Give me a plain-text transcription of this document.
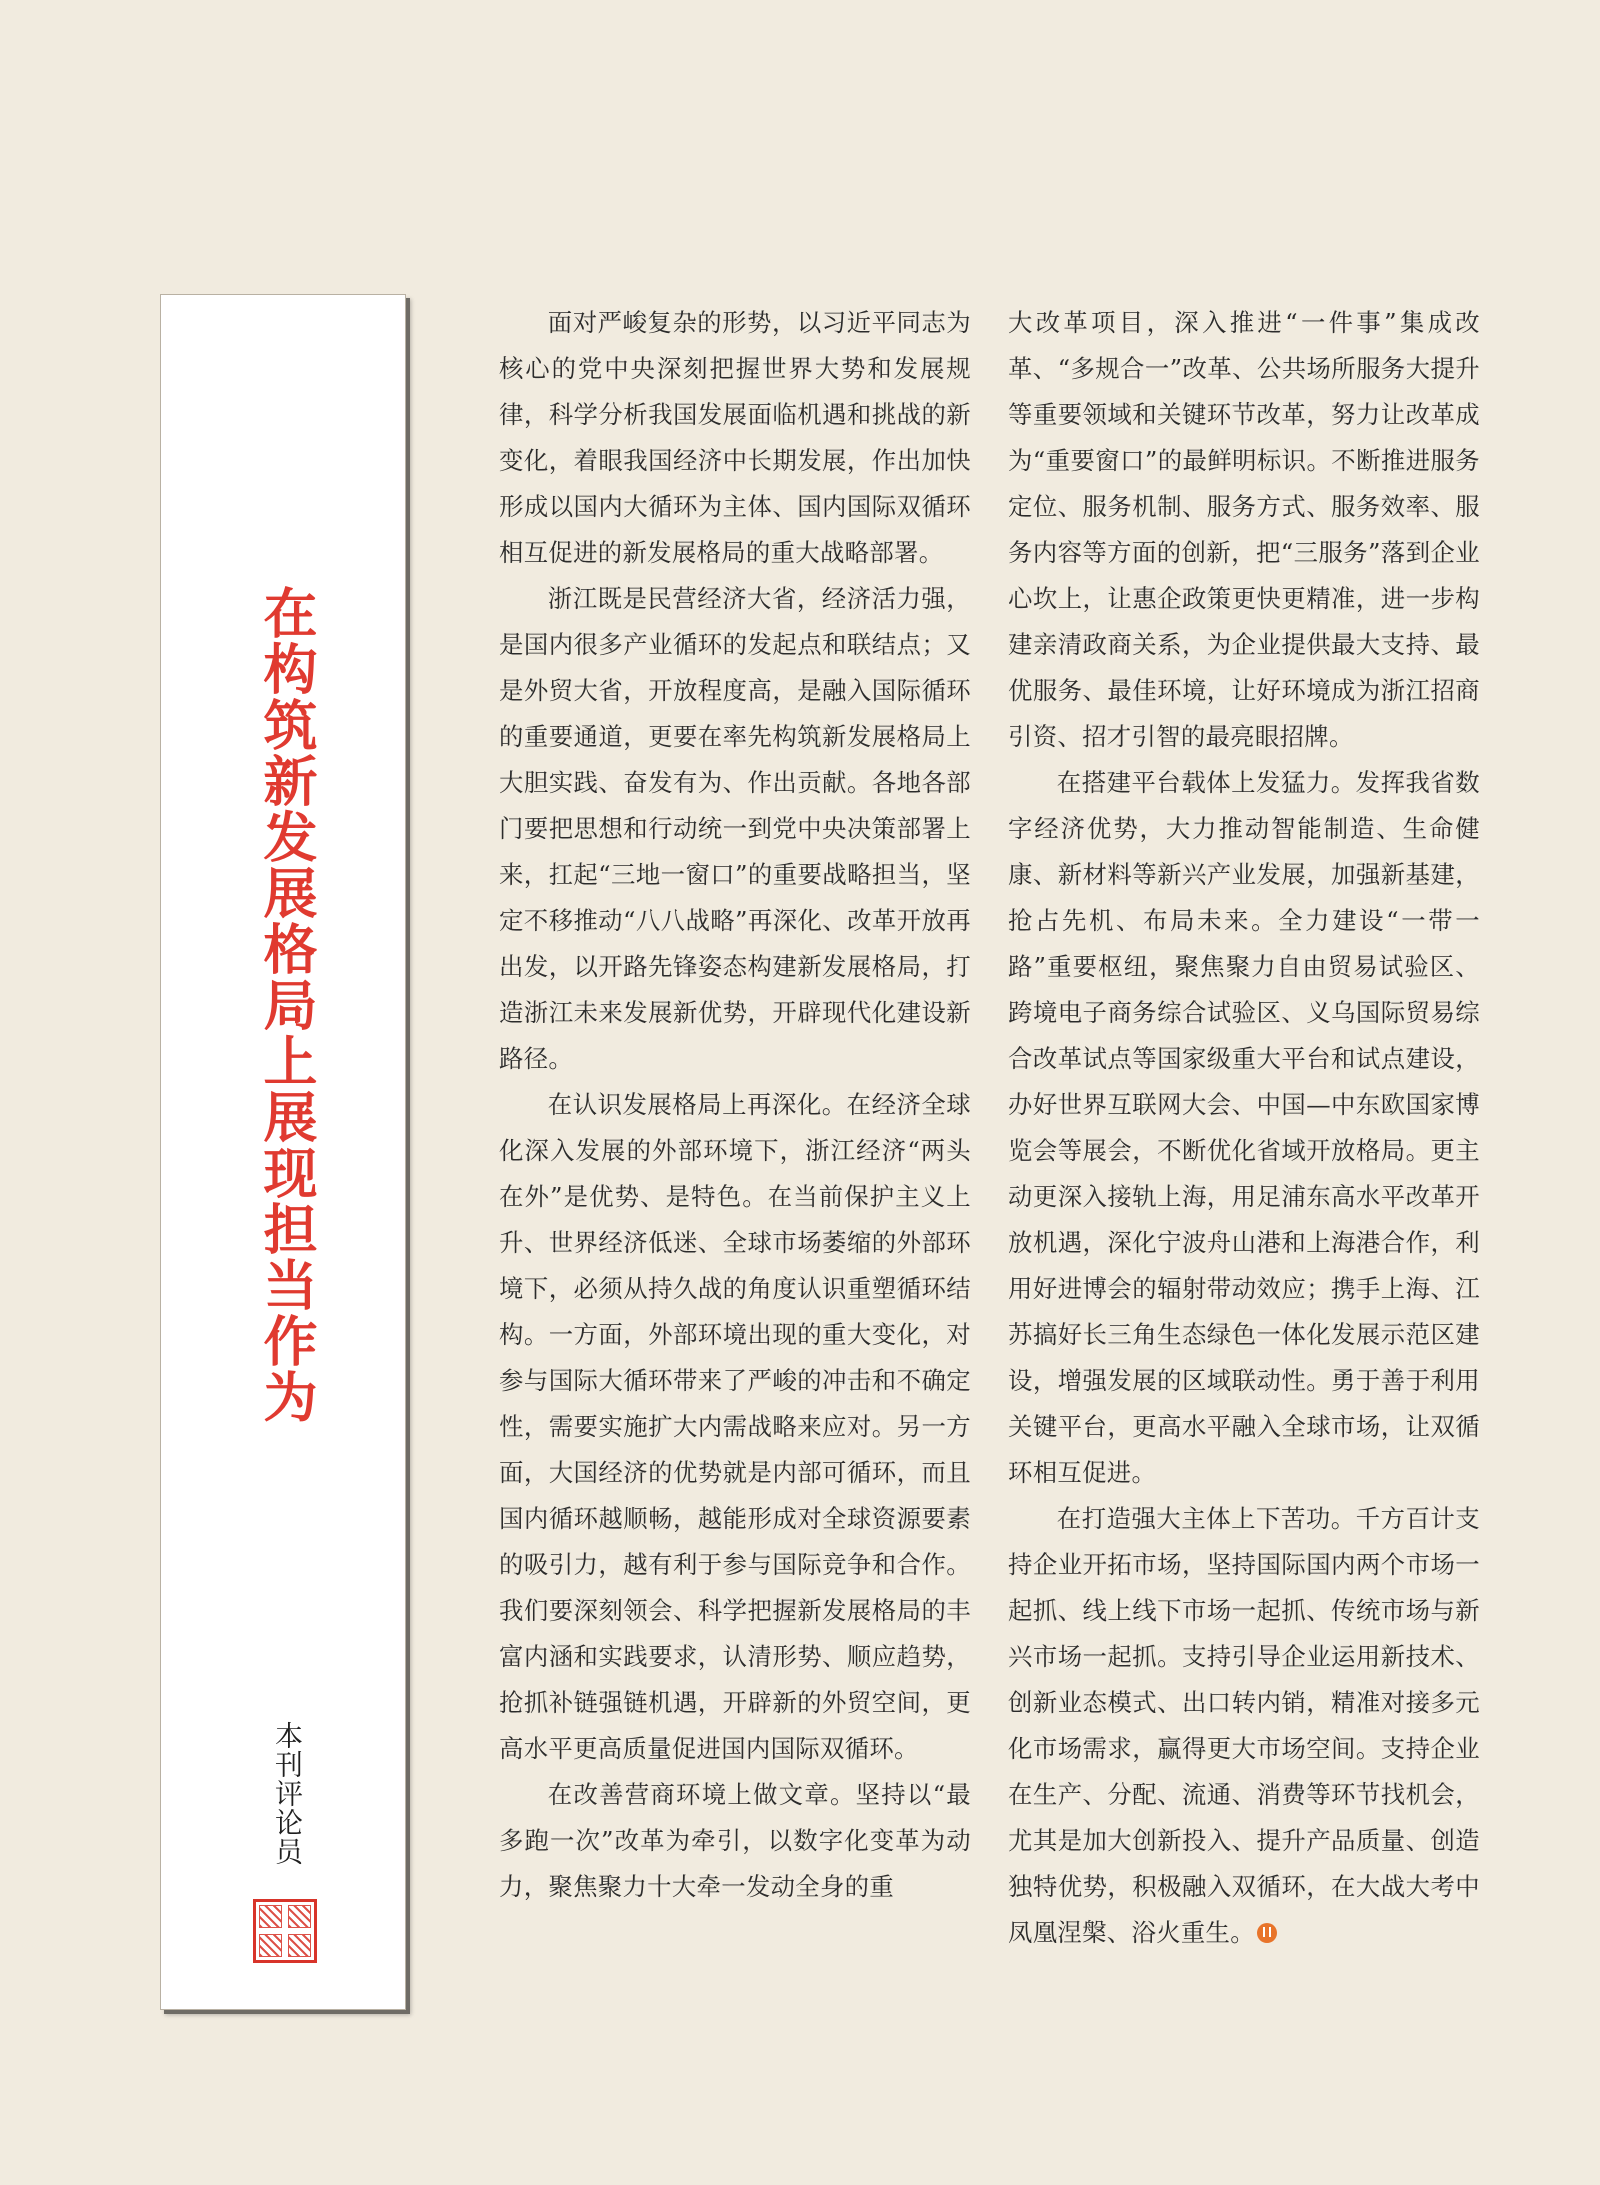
在构筑新发展格局上展现担当作为
本刊评论员

面对严峻复杂的形势，以习近平同志为核心的党中央深刻把握世界大势和发展规律，科学分析我国发展面临机遇和挑战的新变化，着眼我国经济中长期发展，作出加快形成以国内大循环为主体、国内国际双循环相互促进的新发展格局的重大战略部署。

浙江既是民营经济大省，经济活力强，是国内很多产业循环的发起点和联结点；又是外贸大省，开放程度高，是融入国际循环的重要通道，更要在率先构筑新发展格局上大胆实践、奋发有为、作出贡献。各地各部门要把思想和行动统一到党中央决策部署上来，扛起“三地一窗口”的重要战略担当，坚定不移推动“八八战略”再深化、改革开放再出发，以开路先锋姿态构建新发展格局，打造浙江未来发展新优势，开辟现代化建设新路径。

在认识发展格局上再深化。在经济全球化深入发展的外部环境下，浙江经济“两头在外”是优势、是特色。在当前保护主义上升、世界经济低迷、全球市场萎缩的外部环境下，必须从持久战的角度认识重塑循环结构。一方面，外部环境出现的重大变化，对参与国际大循环带来了严峻的冲击和不确定性，需要实施扩大内需战略来应对。另一方面，大国经济的优势就是内部可循环，而且国内循环越顺畅，越能形成对全球资源要素的吸引力，越有利于参与国际竞争和合作。我们要深刻领会、科学把握新发展格局的丰富内涵和实践要求，认清形势、顺应趋势，抢抓补链强链机遇，开辟新的外贸空间，更高水平更高质量促进国内国际双循环。

在改善营商环境上做文章。坚持以“最多跑一次”改革为牵引，以数字化变革为动力，聚焦聚力十大牵一发动全身的重

大改革项目，深入推进“一件事”集成改革、“多规合一”改革、公共场所服务大提升等重要领域和关键环节改革，努力让改革成为“重要窗口”的最鲜明标识。不断推进服务定位、服务机制、服务方式、服务效率、服务内容等方面的创新，把“三服务”落到企业心坎上，让惠企政策更快更精准，进一步构建亲清政商关系，为企业提供最大支持、最优服务、最佳环境，让好环境成为浙江招商引资、招才引智的最亮眼招牌。

在搭建平台载体上发猛力。发挥我省数字经济优势，大力推动智能制造、生命健康、新材料等新兴产业发展，加强新基建，抢占先机、布局未来。全力建设“一带一路”重要枢纽，聚焦聚力自由贸易试验区、跨境电子商务综合试验区、义乌国际贸易综合改革试点等国家级重大平台和试点建设，办好世界互联网大会、中国—中东欧国家博览会等展会，不断优化省域开放格局。更主动更深入接轨上海，用足浦东高水平改革开放机遇，深化宁波舟山港和上海港合作，利用好进博会的辐射带动效应；携手上海、江苏搞好长三角生态绿色一体化发展示范区建设，增强发展的区域联动性。勇于善于利用关键平台，更高水平融入全球市场，让双循环相互促进。

在打造强大主体上下苦功。千方百计支持企业开拓市场，坚持国际国内两个市场一起抓、线上线下市场一起抓、传统市场与新兴市场一起抓。支持引导企业运用新技术、创新业态模式、出口转内销，精准对接多元化市场需求，赢得更大市场空间。支持企业在生产、分配、流通、消费等环节找机会，尤其是加大创新投入、提升产品质量、创造独特优势，积极融入双循环，在大战大考中凤凰涅槃、浴火重生。
